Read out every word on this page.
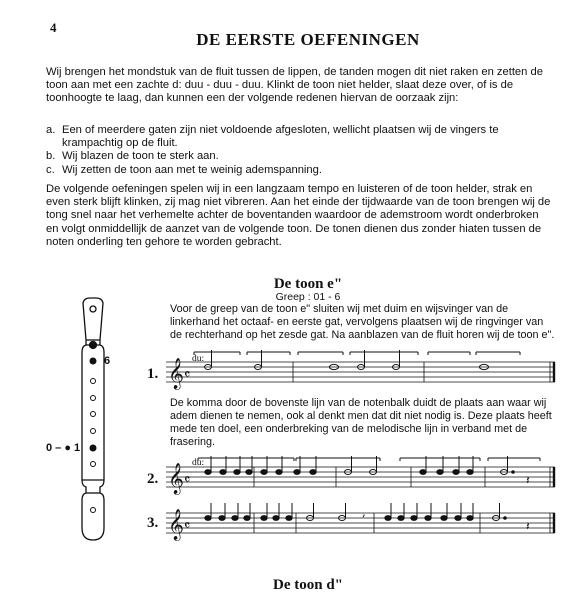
4
DE EERSTE OEFENINGEN
Wij brengen het mondstuk van de fluit tussen de lippen, de tanden mogen dit niet raken en zetten de toon aan met een zachte d: duu - duu - duu. Klinkt de toon niet helder, slaat deze over, of is de toonhoogte te laag, dan kunnen een der volgende redenen hiervan de oorzaak zijn:
a. Een of meerdere gaten zijn niet voldoende afgesloten, wellicht plaatsen wij de vingers te krampachtig op de fluit.
b. Wij blazen de toon te sterk aan.
c. Wij zetten de toon aan met te weinig ademspanning.
De volgende oefeningen spelen wij in een langzaam tempo en luisteren of de toon helder, strak en even sterk blijft klinken, zij mag niet vibreren. Aan het einde der tijdwaarde van de toon brengen wij de tong snel naar het verhemelte achter de boventanden waardoor de ademstroom wordt onderbroken en volgt onmiddellijk de aanzet van de volgende toon. De tonen dienen dus zonder hiaten tussen de noten onderling ten gehore te worden gebracht.
De toon e"
Greep : 01 - 6
Voor de greep van de toon e" sluiten wij met duim en wijsvinger van de linkerhand het octaaf- en eerste gat, vervolgens plaatsen wij de ringvinger van de rechterhand op het zesde gat. Na aanblazen van de fluit horen wij de toon e".
De komma door de bovenste lijn van de notenbalk duidt de plaats aan waar wij adem dienen te nemen, ook al denkt men dat dit niet nodig is. Deze plaats heeft mede ten doel, een onderbreking van de melodische lijn in verband met de frasering.
1.
2.
3.
du:
du:
0 – ● 1
6 𝄞 𝄴
𝄞 𝄴	𝄽
𝄞 𝄴
,
𝄽
De toon d"
